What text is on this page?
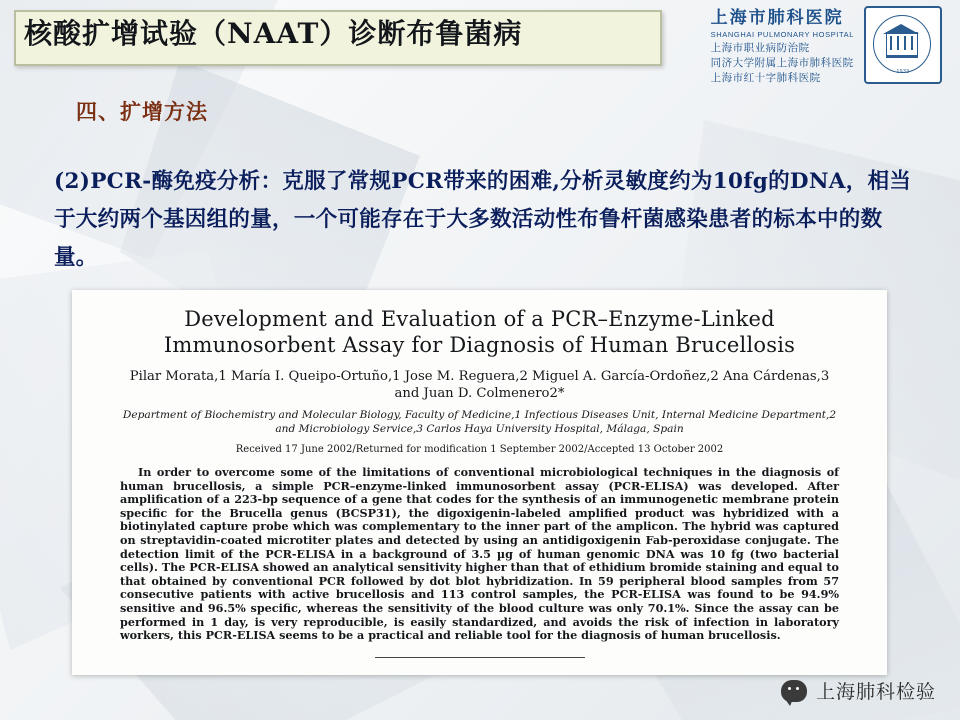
核酸扩增试验（NAAT）诊断布鲁菌病	上海市肺科医院
SHANGHAI PULMONARY HOSPITAL
上海市职业病防治院
同济大学附属上海市肺科医院
上海市红十字肺科医院	1933
四、扩增方法
(2)PCR-酶免疫分析：克服了常规PCR带来的困难,分析灵敏度约为10fg的DNA，相当于大约两个基因组的量，一个可能存在于大多数活动性布鲁杆菌感染患者的标本中的数量。
Development and Evaluation of a PCR–Enzyme-Linked Immunosorbent Assay for Diagnosis of Human Brucellosis
Pilar Morata,1 María I. Queipo-Ortuño,1 Jose M. Reguera,2 Miguel A. García-Ordoñez,2 Ana Cárdenas,3 and Juan D. Colmenero2*
Department of Biochemistry and Molecular Biology, Faculty of Medicine,1 Infectious Diseases Unit, Internal Medicine Department,2 and Microbiology Service,3 Carlos Haya University Hospital, Málaga, Spain
Received 17 June 2002/Returned for modification 1 September 2002/Accepted 13 October 2002
In order to overcome some of the limitations of conventional microbiological techniques in the diagnosis of human brucellosis, a simple PCR–enzyme-linked immunosorbent assay (PCR-ELISA) was developed. After amplification of a 223-bp sequence of a gene that codes for the synthesis of an immunogenetic membrane protein specific for the Brucella genus (BCSP31), the digoxigenin-labeled amplified product was hybridized with a biotinylated capture probe which was complementary to the inner part of the amplicon. The hybrid was captured on streptavidin-coated microtiter plates and detected by using an antidigoxigenin Fab-peroxidase conjugate. The detection limit of the PCR-ELISA in a background of 3.5 µg of human genomic DNA was 10 fg (two bacterial cells). The PCR-ELISA showed an analytical sensitivity higher than that of ethidium bromide staining and equal to that obtained by conventional PCR followed by dot blot hybridization. In 59 peripheral blood samples from 57 consecutive patients with active brucellosis and 113 control samples, the PCR-ELISA was found to be 94.9% sensitive and 96.5% specific, whereas the sensitivity of the blood culture was only 70.1%. Since the assay can be performed in 1 day, is very reproducible, is easily standardized, and avoids the risk of infection in laboratory workers, this PCR-ELISA seems to be a practical and reliable tool for the diagnosis of human brucellosis.
上海肺科检验
